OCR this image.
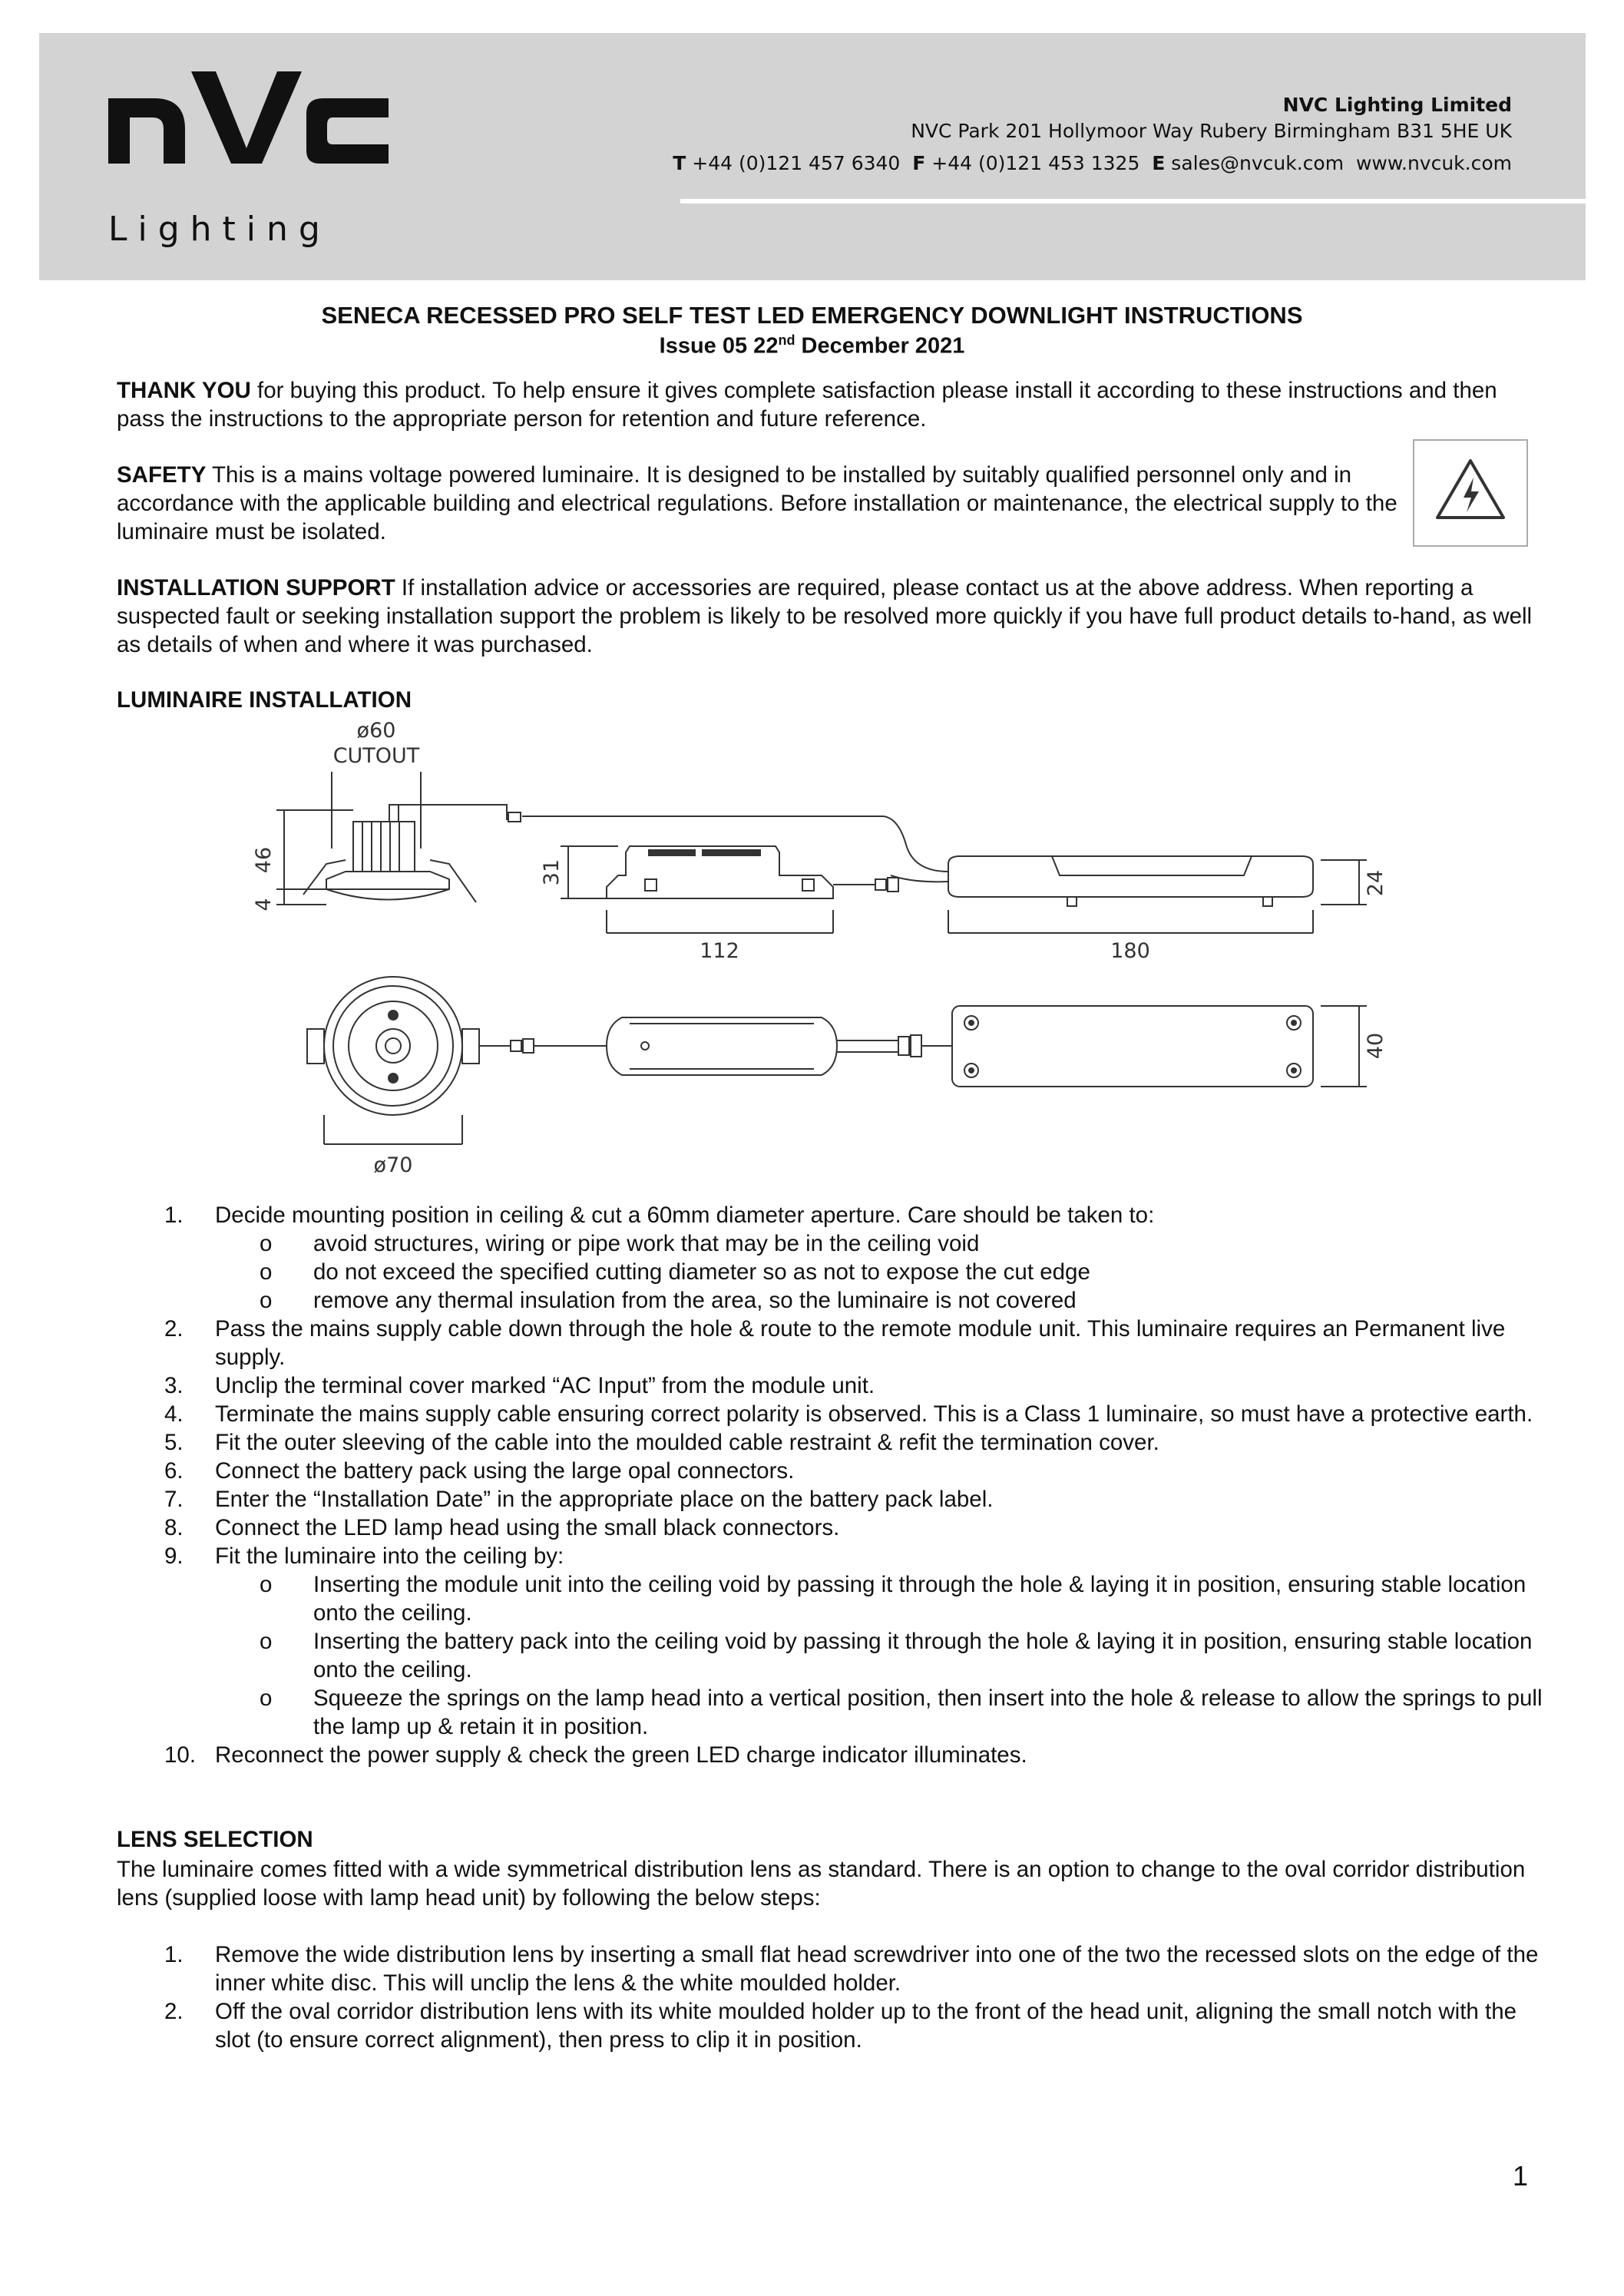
L i g h t i n g
NVC Lighting Limited
NVC Park 201 Hollymoor Way Rubery Birmingham B31 5HE UK
T +44 (0)121 457 6340 F +44 (0)121 453 1325 E sales@nvcuk.com www.nvcuk.com
SENECA RECESSED PRO SELF TEST LED EMERGENCY DOWNLIGHT INSTRUCTIONS
Issue 05 22nd December 2021
THANK YOU for buying this product. To help ensure it gives complete satisfaction please install it according to these instructions and then pass the instructions to the appropriate person for retention and future reference.
SAFETY This is a mains voltage powered luminaire. It is designed to be installed by suitably qualified personnel only and in accordance with the applicable building and electrical regulations. Before installation or maintenance, the electrical supply to the luminaire must be isolated.
INSTALLATION SUPPORT If installation advice or accessories are required, please contact us at the above address. When reporting a suspected fault or seeking installation support the problem is likely to be resolved more quickly if you have full product details to-hand, as well as details of when and where it was purchased.
LUMINAIRE INSTALLATION
ø60
CUTOUT
46
4
31
112
24
180
ø70
40
1. Decide mounting position in ceiling & cut a 60mm diameter aperture. Care should be taken to:
o avoid structures, wiring or pipe work that may be in the ceiling void
o do not exceed the specified cutting diameter so as not to expose the cut edge
o remove any thermal insulation from the area, so the luminaire is not covered
2. Pass the mains supply cable down through the hole & route to the remote module unit. This luminaire requires an Permanent live supply.
3. Unclip the terminal cover marked “AC Input” from the module unit.
4. Terminate the mains supply cable ensuring correct polarity is observed. This is a Class 1 luminaire, so must have a protective earth.
5. Fit the outer sleeving of the cable into the moulded cable restraint & refit the termination cover.
6. Connect the battery pack using the large opal connectors.
7. Enter the “Installation Date” in the appropriate place on the battery pack label.
8. Connect the LED lamp head using the small black connectors.
9. Fit the luminaire into the ceiling by:
o Inserting the module unit into the ceiling void by passing it through the hole & laying it in position, ensuring stable location onto the ceiling.
o Inserting the battery pack into the ceiling void by passing it through the hole & laying it in position, ensuring stable location onto the ceiling.
o Squeeze the springs on the lamp head into a vertical position, then insert into the hole & release to allow the springs to pull the lamp up & retain it in position.
10. Reconnect the power supply & check the green LED charge indicator illuminates.
LENS SELECTION
The luminaire comes fitted with a wide symmetrical distribution lens as standard. There is an option to change to the oval corridor distribution lens (supplied loose with lamp head unit) by following the below steps:
1. Remove the wide distribution lens by inserting a small flat head screwdriver into one of the two the recessed slots on the edge of the inner white disc. This will unclip the lens & the white moulded holder.
2. Off the oval corridor distribution lens with its white moulded holder up to the front of the head unit, aligning the small notch with the slot (to ensure correct alignment), then press to clip it in position.
1
